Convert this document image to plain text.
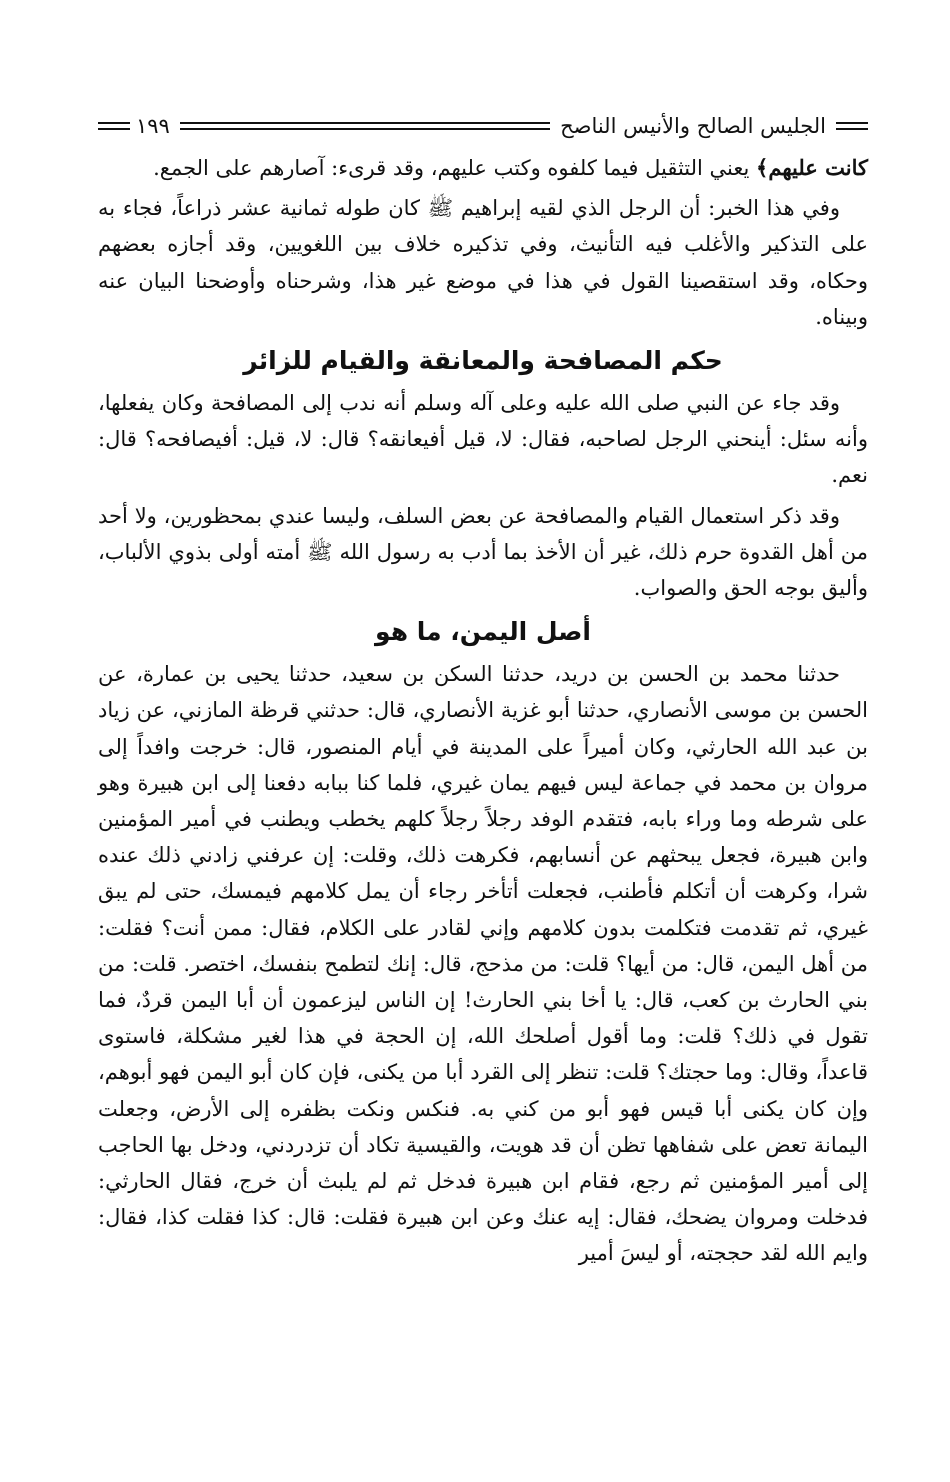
الجليس الصالح والأنيس الناصح
١٩٩

كانت عليهم﴾ يعني التثقيل فيما كلفوه وكتب عليهم، وقد قرىء: آصارهم على الجمع.

وفي هذا الخبر: أن الرجل الذي لقيه إبراهيم ﷺ كان طوله ثمانية عشر ذراعاً، فجاء به على التذكير والأغلب فيه التأنيث، وفي تذكيره خلاف بين اللغويين، وقد أجازه بعضهم وحكاه، وقد استقصينا القول في هذا في موضع غير هذا، وشرحناه وأوضحنا البيان عنه وبيناه.

حكم المصافحة والمعانقة والقيام للزائر

وقد جاء عن النبي صلى الله عليه وعلى آله وسلم أنه ندب إلى المصافحة وكان يفعلها، وأنه سئل: أينحني الرجل لصاحبه، فقال: لا، قيل أفيعانقه؟ قال: لا، قيل: أفيصافحه؟ قال: نعم.

وقد ذكر استعمال القيام والمصافحة عن بعض السلف، وليسا عندي بمحظورين، ولا أحد من أهل القدوة حرم ذلك، غير أن الأخذ بما أدب به رسول الله ﷺ أمته أولى بذوي الألباب، وأليق بوجه الحق والصواب.

أصل اليمن، ما هو

حدثنا محمد بن الحسن بن دريد، حدثنا السكن بن سعيد، حدثنا يحيى بن عمارة، عن الحسن بن موسى الأنصاري، حدثنا أبو غزية الأنصاري، قال: حدثني قرظة المازني، عن زياد بن عبد الله الحارثي، وكان أميراً على المدينة في أيام المنصور، قال: خرجت وافداً إلى مروان بن محمد في جماعة ليس فيهم يمان غيري، فلما كنا ببابه دفعنا إلى ابن هبيرة وهو على شرطه وما وراء بابه، فتقدم الوفد رجلاً رجلاً كلهم يخطب ويطنب في أمير المؤمنين وابن هبيرة، فجعل يبحثهم عن أنسابهم، فكرهت ذلك، وقلت: إن عرفني زادني ذلك عنده شرا، وكرهت أن أتكلم فأطنب، فجعلت أتأخر رجاء أن يمل كلامهم فيمسك، حتى لم يبق غيري، ثم تقدمت فتكلمت بدون كلامهم وإني لقادر على الكلام، فقال: ممن أنت؟ فقلت: من أهل اليمن، قال: من أيها؟ قلت: من مذحج، قال: إنك لتطمح بنفسك، اختصر. قلت: من بني الحارث بن كعب، قال: يا أخا بني الحارث! إن الناس ليزعمون أن أبا اليمن قردٌ، فما تقول في ذلك؟ قلت: وما أقول أصلحك الله، إن الحجة في هذا لغير مشكلة، فاستوى قاعداً، وقال: وما حجتك؟ قلت: تنظر إلى القرد أبا من يكنى، فإن كان أبو اليمن فهو أبوهم، وإن كان يكنى أبا قيس فهو أبو من كني به. فنكس ونكت بظفره إلى الأرض، وجعلت اليمانة تعض على شفاهها تظن أن قد هويت، والقيسية تكاد أن تزدردني، ودخل بها الحاجب إلى أمير المؤمنين ثم رجع، فقام ابن هبيرة فدخل ثم لم يلبث أن خرج، فقال الحارثي: فدخلت ومروان يضحك، فقال: إيه عنك وعن ابن هبيرة فقلت: قال: كذا فقلت كذا، فقال: وايم الله لقد حججته، أو ليسَ أمير
